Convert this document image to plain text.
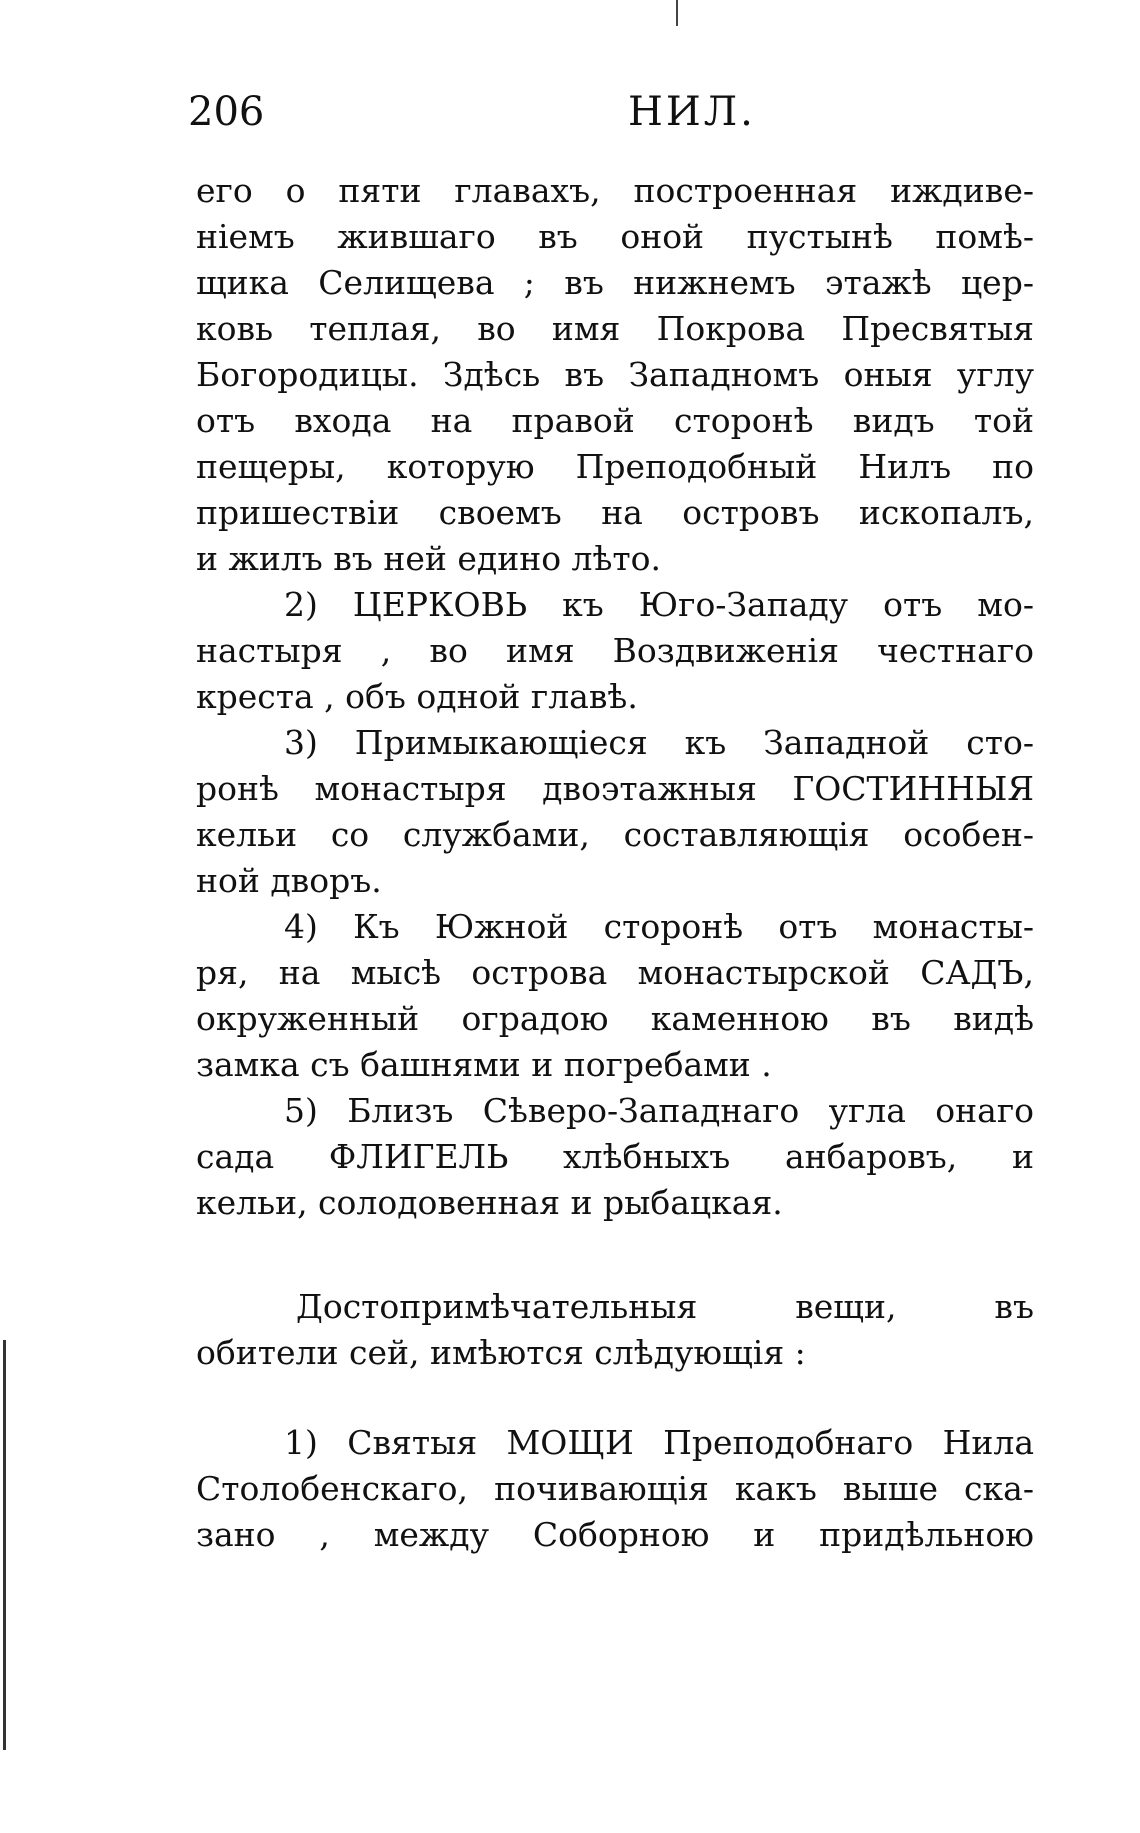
206	НИЛ.
его о пяти главахъ, построенная иждиве-
ніемъ жившаго въ оной пустынѣ помѣ-
щика Селищева ; въ нижнемъ этажѣ цер-
ковь теплая, во имя Покрова Пресвятыя
Богородицы. Здѣсь въ Западномъ оныя углу
отъ входа на правой сторонѣ видъ той
пещеры, которую Преподобный Нилъ по
пришествіи своемъ на островъ ископалъ,
и жилъ въ ней едино лѣто.
2) ЦЕРКОВЬ къ Юго-Западу отъ мо-
настыря , во имя Воздвиженія честнаго
креста , объ одной главѣ.
3) Примыкающіеся къ Западной сто-
ронѣ монастыря двоэтажныя ГОСТИННЫЯ
кельи со службами, составляющія особен-
ной дворъ.
4) Къ Южной сторонѣ отъ монасты-
ря, на мысѣ острова монастырской САДЪ,
окруженный оградою каменною въ видѣ
замка съ башнями и погребами .
5) Близъ Сѣверо-Западнаго угла онаго
сада ФЛИГЕЛЬ хлѣбныхъ анбаровъ, и
кельи, солодовенная и рыбацкая.
Достопримѣчательныя вещи, въ
обители сей, имѣются слѣдующія :
1) Святыя МОЩИ Преподобнаго Нила
Столобенскаго, почивающія какъ выше ска-
зано , между Соборною и придѣльною
